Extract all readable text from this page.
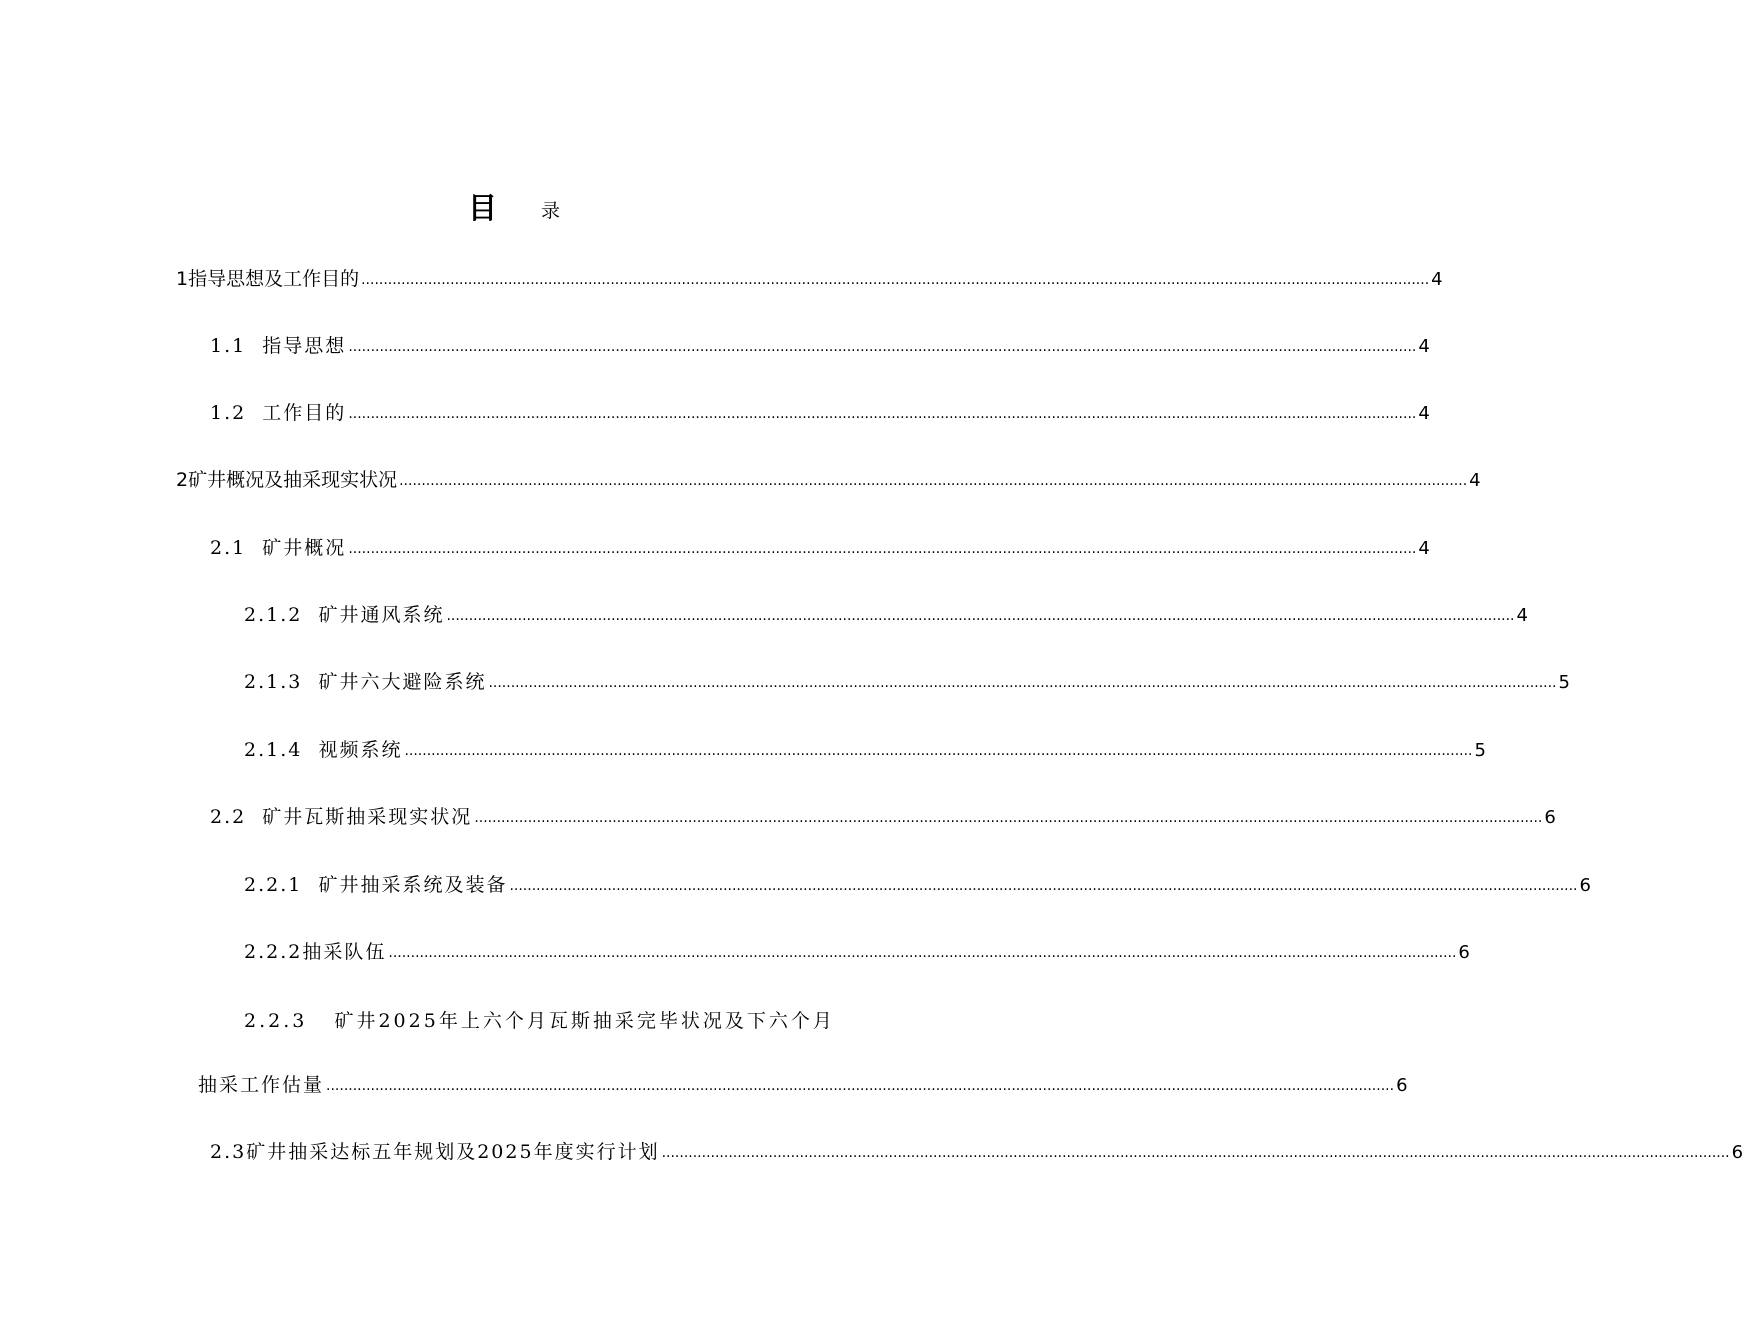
目 录
1 指导思想及工作目的 ................................................................................................................................................................................................................................................ 4
1.1 指导思想 ................................................................................................................................................................................................................................................ 4
1.2 工作目的 ................................................................................................................................................................................................................................................ 4
2 矿井概况及抽采现实状况 ................................................................................................................................................................................................................................................ 4
2.1 矿井概况 ................................................................................................................................................................................................................................................ 4
2.1.2 矿井通风系统 ................................................................................................................................................................................................................................................ 4
2.1.3 矿井六大避险系统 ................................................................................................................................................................................................................................................ 5
2.1.4 视频系统 ................................................................................................................................................................................................................................................ 5
2.2 矿井瓦斯抽采现实状况 ................................................................................................................................................................................................................................................ 6
2.2.1 矿井抽采系统及装备 ................................................................................................................................................................................................................................................ 6
2.2.2 抽采队伍 ................................................................................................................................................................................................................................................ 6
2.2.3   矿井2025年上六个月瓦斯抽采完毕状况及下六个月
抽采工作估量 ................................................................................................................................................................................................................................................ 6
2.3 矿井抽采达标五年规划及2025年度实行计划 ................................................................................................................................................................................................................................................ 6
